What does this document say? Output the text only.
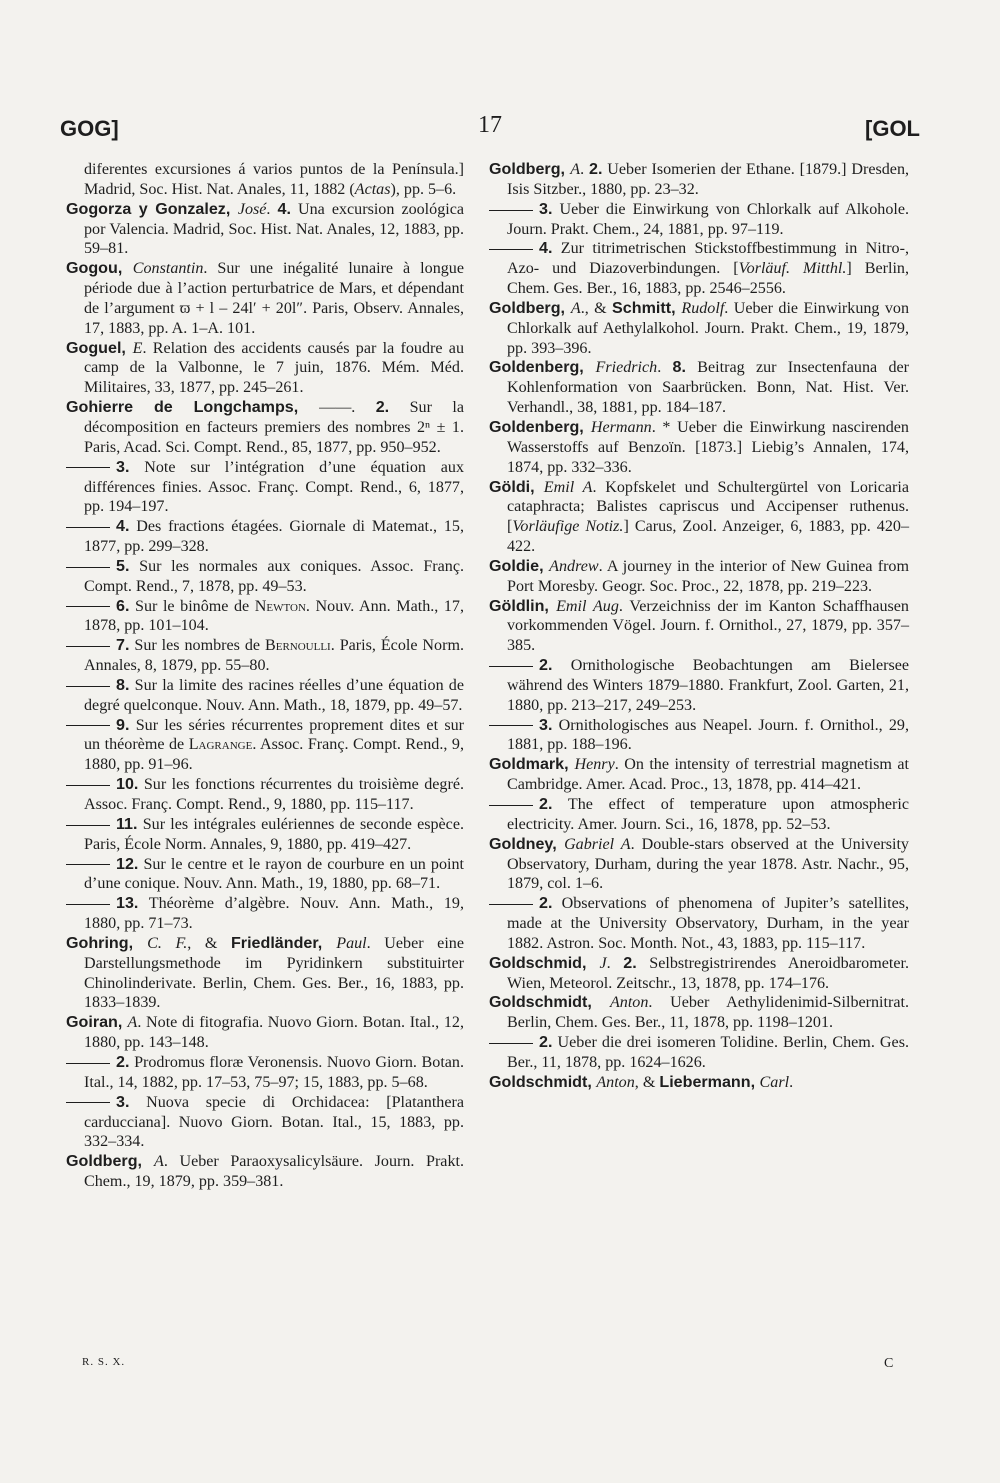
GOG]	17	[GOL

diferentes excursiones á varios puntos de la Península.] Madrid, Soc. Hist. Nat. Anales, 11, 1882 (Actas), pp. 5–6.

Gogorza y Gonzalez, José. 4. Una excursion zoológica por Valencia. Madrid, Soc. Hist. Nat. Anales, 12, 1883, pp. 59–81.

Gogou, Constantin. Sur une inégalité lunaire à longue période due à l’action perturbatrice de Mars, et dépendant de l’argument ϖ + l – 24l′ + 20l″. Paris, Observ. Annales, 17, 1883, pp. A. 1–A. 101.

Goguel, E. Relation des accidents causés par la foudre au camp de la Valbonne, le 7 juin, 1876. Mém. Méd. Militaires, 33, 1877, pp. 245–261.

Gohierre de Longchamps, ——. 2. Sur la décomposition en facteurs premiers des nombres 2ⁿ ± 1. Paris, Acad. Sci. Compt. Rend., 85, 1877, pp. 950–952.

3. Note sur l’intégration d’une équation aux différences finies. Assoc. Franç. Compt. Rend., 6, 1877, pp. 194–197.

4. Des fractions étagées. Giornale di Matemat., 15, 1877, pp. 299–328.

5. Sur les normales aux coniques. Assoc. Franç. Compt. Rend., 7, 1878, pp. 49–53.

6. Sur le binôme de Newton. Nouv. Ann. Math., 17, 1878, pp. 101–104.

7. Sur les nombres de Bernoulli. Paris, École Norm. Annales, 8, 1879, pp. 55–80.

8. Sur la limite des racines réelles d’une équation de degré quelconque. Nouv. Ann. Math., 18, 1879, pp. 49–57.

9. Sur les séries récurrentes proprement dites et sur un théorème de Lagrange. Assoc. Franç. Compt. Rend., 9, 1880, pp. 91–96.

10. Sur les fonctions récurrentes du troisième degré. Assoc. Franç. Compt. Rend., 9, 1880, pp. 115–117.

11. Sur les intégrales eulériennes de seconde espèce. Paris, École Norm. Annales, 9, 1880, pp. 419–427.

12. Sur le centre et le rayon de courbure en un point d’une conique. Nouv. Ann. Math., 19, 1880, pp. 68–71.

13. Théorème d’algèbre. Nouv. Ann. Math., 19, 1880, pp. 71–73.

Gohring, C. F., & Friedländer, Paul. Ueber eine Darstellungsmethode im Pyridinkern substituirter Chinolinderivate. Berlin, Chem. Ges. Ber., 16, 1883, pp. 1833–1839.

Goiran, A. Note di fitografia. Nuovo Giorn. Botan. Ital., 12, 1880, pp. 143–148.

2. Prodromus floræ Veronensis. Nuovo Giorn. Botan. Ital., 14, 1882, pp. 17–53, 75–97; 15, 1883, pp. 5–68.

3. Nuova specie di Orchidacea: [Platanthera carducciana]. Nuovo Giorn. Botan. Ital., 15, 1883, pp. 332–334.

Goldberg, A. Ueber Paraoxysalicylsäure. Journ. Prakt. Chem., 19, 1879, pp. 359–381.

Goldberg, A. 2. Ueber Isomerien der Ethane. [1879.] Dresden, Isis Sitzber., 1880, pp. 23–32.

3. Ueber die Einwirkung von Chlorkalk auf Alkohole. Journ. Prakt. Chem., 24, 1881, pp. 97–119.

4. Zur titrimetrischen Stickstoffbestimmung in Nitro-, Azo- und Diazoverbindungen. [Vorläuf. Mitthl.] Berlin, Chem. Ges. Ber., 16, 1883, pp. 2546–2556.

Goldberg, A., & Schmitt, Rudolf. Ueber die Einwirkung von Chlorkalk auf Aethylalkohol. Journ. Prakt. Chem., 19, 1879, pp. 393–396.

Goldenberg, Friedrich. 8. Beitrag zur Insectenfauna der Kohlenformation von Saarbrücken. Bonn, Nat. Hist. Ver. Verhandl., 38, 1881, pp. 184–187.

Goldenberg, Hermann. * Ueber die Einwirkung nascirenden Wasserstoffs auf Benzoïn. [1873.] Liebig’s Annalen, 174, 1874, pp. 332–336.

Göldi, Emil A. Kopfskelet und Schultergürtel von Loricaria cataphracta; Balistes capriscus und Accipenser ruthenus. [Vorläufige Notiz.] Carus, Zool. Anzeiger, 6, 1883, pp. 420–422.

Goldie, Andrew. A journey in the interior of New Guinea from Port Moresby. Geogr. Soc. Proc., 22, 1878, pp. 219–223.

Göldlin, Emil Aug. Verzeichniss der im Kanton Schaffhausen vorkommenden Vögel. Journ. f. Ornithol., 27, 1879, pp. 357–385.

2. Ornithologische Beobachtungen am Bielersee während des Winters 1879–1880. Frankfurt, Zool. Garten, 21, 1880, pp. 213–217, 249–253.

3. Ornithologisches aus Neapel. Journ. f. Ornithol., 29, 1881, pp. 188–196.

Goldmark, Henry. On the intensity of terrestrial magnetism at Cambridge. Amer. Acad. Proc., 13, 1878, pp. 414–421.

2. The effect of temperature upon atmospheric electricity. Amer. Journ. Sci., 16, 1878, pp. 52–53.

Goldney, Gabriel A. Double-stars observed at the University Observatory, Durham, during the year 1878. Astr. Nachr., 95, 1879, col. 1–6.

2. Observations of phenomena of Jupiter’s satellites, made at the University Observatory, Durham, in the year 1882. Astron. Soc. Month. Not., 43, 1883, pp. 115–117.

Goldschmid, J. 2. Selbstregistrirendes Aneroidbarometer. Wien, Meteorol. Zeitschr., 13, 1878, pp. 174–176.

Goldschmidt, Anton. Ueber Aethylidenimid-Silbernitrat. Berlin, Chem. Ges. Ber., 11, 1878, pp. 1198–1201.

2. Ueber die drei isomeren Tolidine. Berlin, Chem. Ges. Ber., 11, 1878, pp. 1624–1626.

Goldschmidt, Anton, & Liebermann, Carl.

R. S. X.	C
